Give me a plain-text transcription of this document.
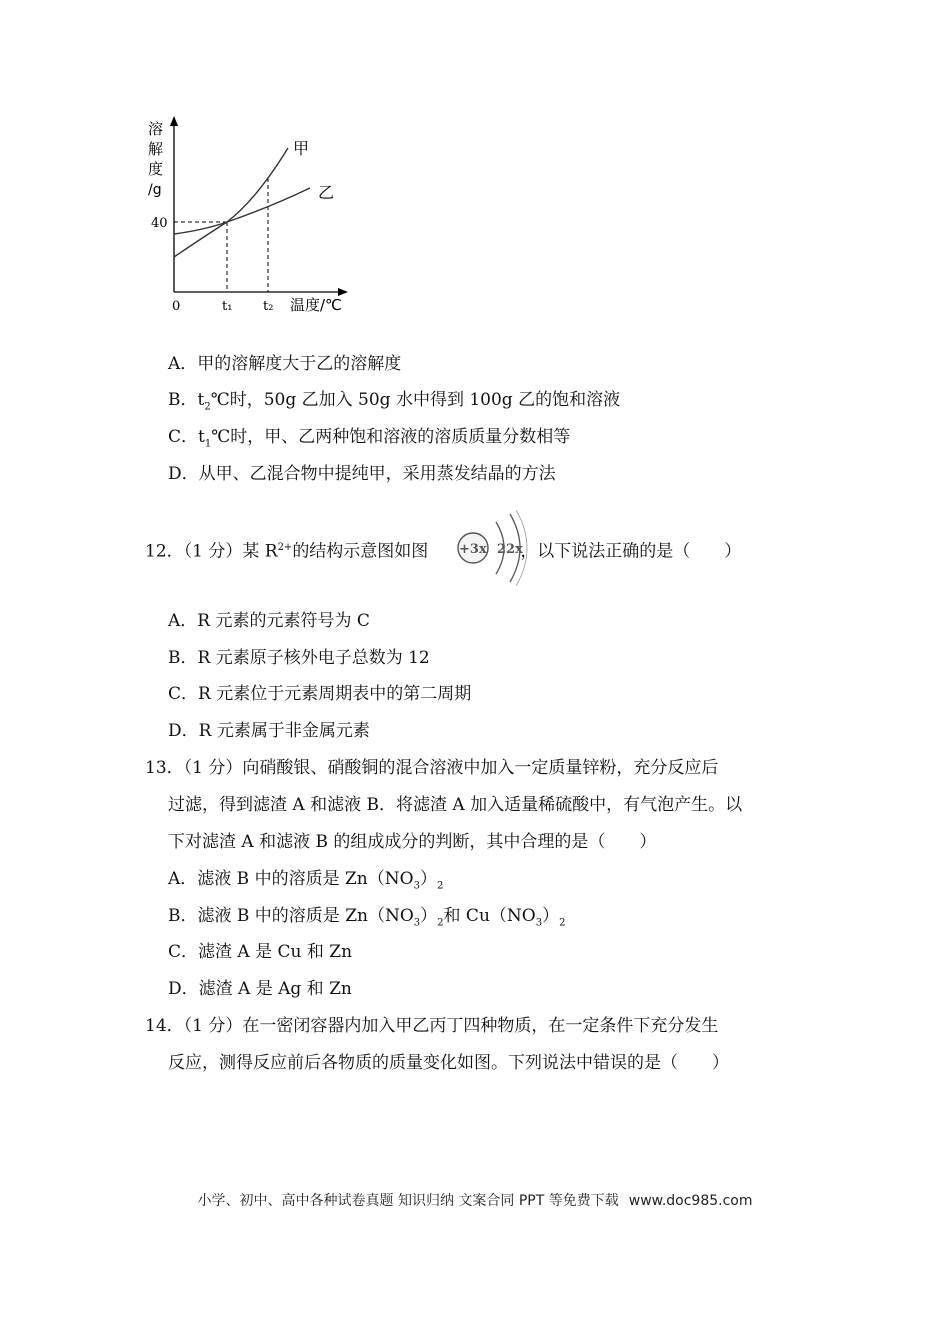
溶
解
度
/g
40
甲
乙
0	t₁ t₂ 温度/℃
A．甲的溶解度大于乙的溶解度
B．$t_2℃$时，50g 乙加入 50g 水中得到 100g 乙的饱和溶液
C．$t_1℃$时，甲、乙两种饱和溶液的溶质质量分数相等
D．从甲、乙混合物中提纯甲，采用蒸发结晶的方法
12．（1 分）某 $R^{2+}$的结构示意图如图	，以下说法正确的是（　　）
+3x 22x
A．R 元素的元素符号为 C
B．R 元素原子核外电子总数为 12
C．R 元素位于元素周期表中的第二周期
D．R 元素属于非金属元素
13．（1 分）向硝酸银、硝酸铜的混合溶液中加入一定质量锌粉，充分反应后
过滤，得到滤渣 A 和滤液 B．将滤渣 A 加入适量稀硫酸中，有气泡产生。以
下对滤渣 A 和滤液 B 的组成成分的判断，其中合理的是（　　）
A．滤液 B 中的溶质是 $Zn(NO_3)_2$
B．滤液 B 中的溶质是 $Zn(NO_3)_2$和 $Cu(NO_3)_2$
C．滤渣 A 是 Cu 和 Zn
D．滤渣 A 是 Ag 和 Zn
14．（1 分）在一密闭容器内加入甲乙丙丁四种物质，在一定条件下充分发生
反应，测得反应前后各物质的质量变化如图。下列说法中错误的是（　　）
小学、初中、高中各种试卷真题 知识归纳 文案合同 PPT 等免费下载 www.doc985.com
